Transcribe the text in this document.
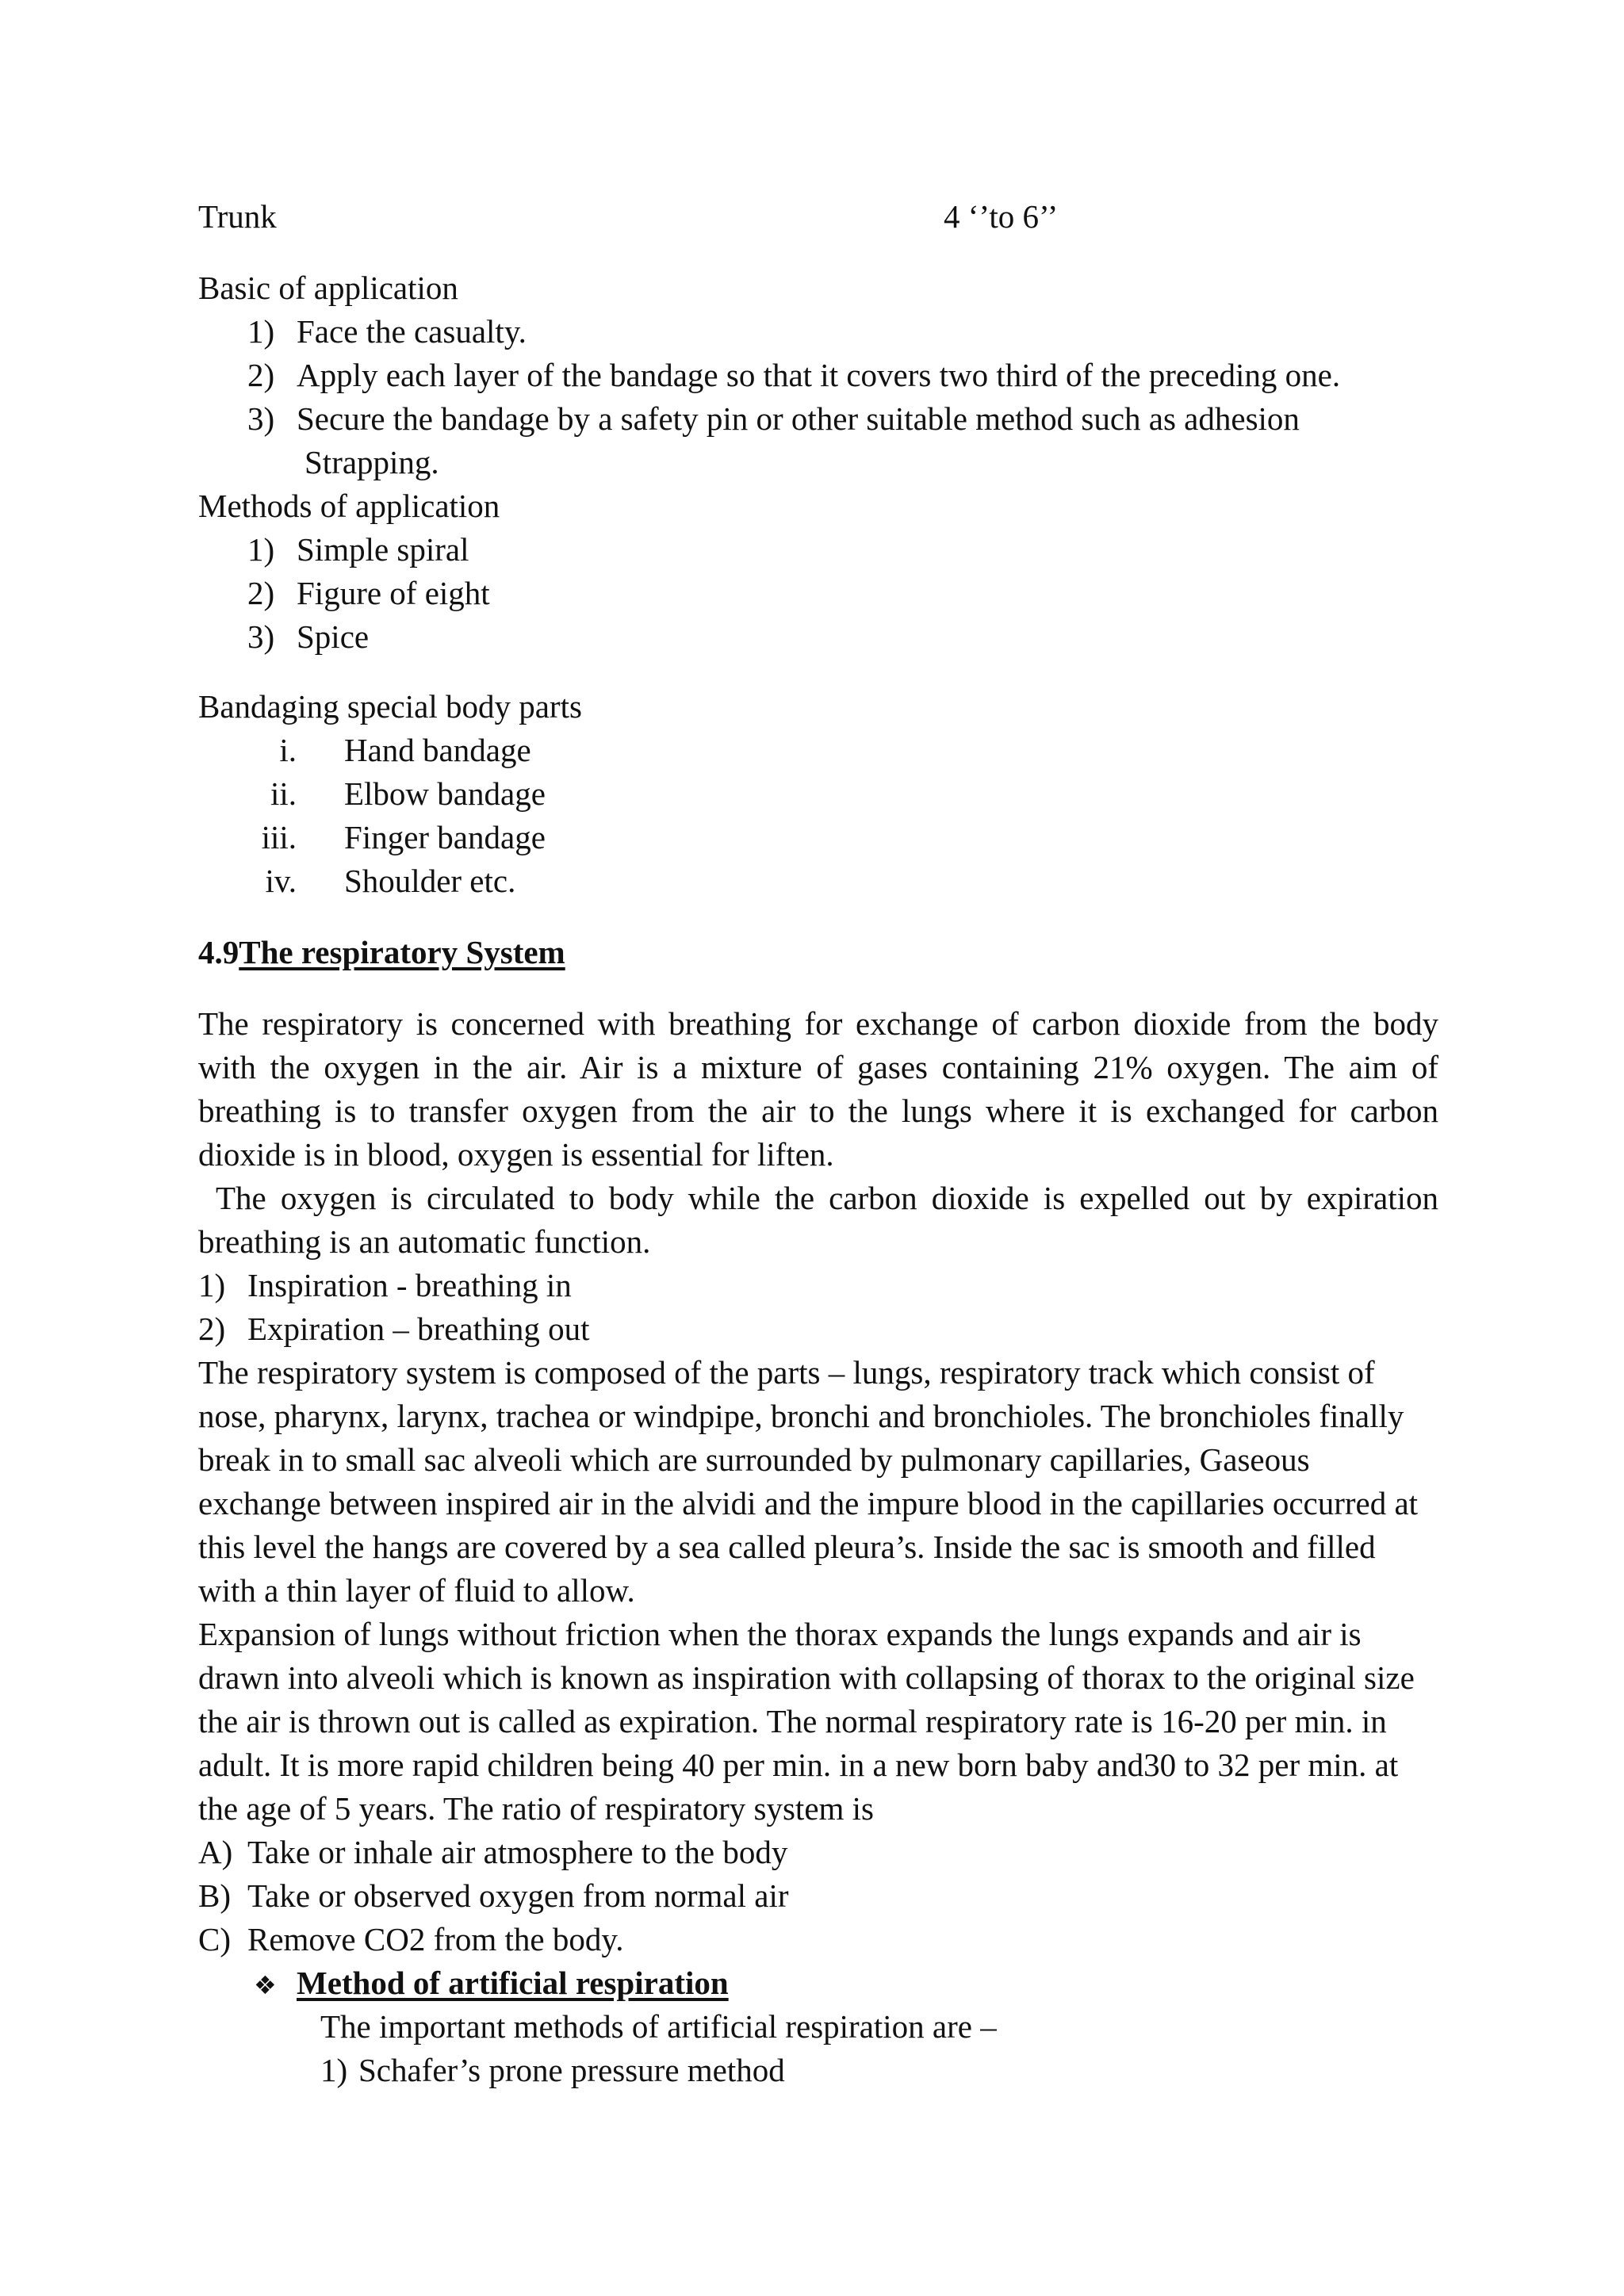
Trunk	4 ‘’to 6’’
Basic of application
1) Face the casualty.
2) Apply each layer of the bandage so that it covers two third of the preceding one.
3) Secure the bandage by a safety pin or other suitable method such as adhesion
Strapping.
Methods of application
1) Simple spiral
2) Figure of eight
3) Spice
Bandaging special body parts
i. Hand bandage
ii. Elbow bandage
iii. Finger bandage
iv. Shoulder etc.
4.9The respiratory System
The respiratory is concerned with breathing for exchange of carbon dioxide from the body
with the oxygen in the air. Air is a mixture of gases containing 21% oxygen. The aim of
breathing is to transfer oxygen from the air to the lungs where it is exchanged for carbon
dioxide is in blood, oxygen is essential for liften.
The oxygen is circulated to body while the carbon dioxide is expelled out by expiration
breathing is an automatic function.
1) Inspiration - breathing in
2) Expiration – breathing out
The respiratory system is composed of the parts – lungs, respiratory track which consist of
nose, pharynx, larynx, trachea or windpipe, bronchi and bronchioles. The bronchioles finally
break in to small sac alveoli which are surrounded by pulmonary capillaries, Gaseous
exchange between inspired air in the alvidi and the impure blood in the capillaries occurred at
this level the hangs are covered by a sea called pleura’s. Inside the sac is smooth and filled
with a thin layer of fluid to allow.
Expansion of lungs without friction when the thorax expands the lungs expands and air is
drawn into alveoli which is known as inspiration with collapsing of thorax to the original size
the air is thrown out is called as expiration. The normal respiratory rate is 16-20 per min. in
adult. It is more rapid children being 40 per min. in a new born baby and30 to 32 per min. at
the age of 5 years. The ratio of respiratory system is
A) Take or inhale air atmosphere to the body
B) Take or observed oxygen from normal air
C) Remove CO2 from the body.
❖ Method of artificial respiration
The important methods of artificial respiration are –
1) Schafer’s prone pressure method
